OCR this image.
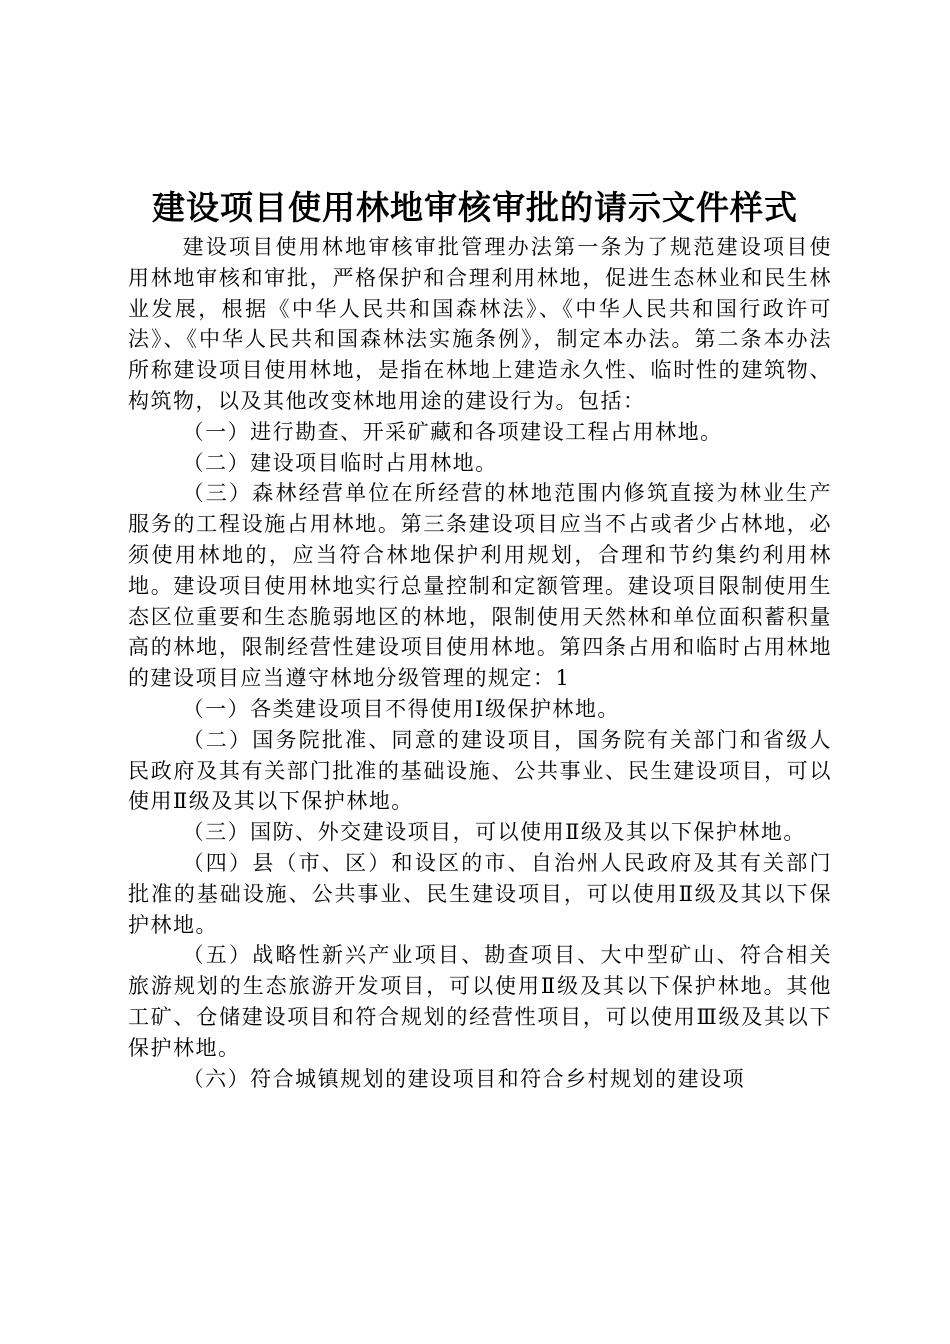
建设项目使用林地审核审批的请示文件样式

建设项目使用林地审核审批管理办法第一条为了规范建设项目使用林地审核和审批，严格保护和合理利用林地，促进生态林业和民生林业发展，根据《中华人民共和国森林法》、《中华人民共和国行政许可法》、《中华人民共和国森林法实施条例》，制定本办法。第二条本办法所称建设项目使用林地，是指在林地上建造永久性、临时性的建筑物、构筑物，以及其他改变林地用途的建设行为。包括：

（一）进行勘查、开采矿藏和各项建设工程占用林地。

（二）建设项目临时占用林地。

（三）森林经营单位在所经营的林地范围内修筑直接为林业生产服务的工程设施占用林地。第三条建设项目应当不占或者少占林地，必须使用林地的，应当符合林地保护利用规划，合理和节约集约利用林地。建设项目使用林地实行总量控制和定额管理。建设项目限制使用生态区位重要和生态脆弱地区的林地，限制使用天然林和单位面积蓄积量高的林地，限制经营性建设项目使用林地。第四条占用和临时占用林地的建设项目应当遵守林地分级管理的规定：1

（一）各类建设项目不得使用Ⅰ级保护林地。

（二）国务院批准、同意的建设项目，国务院有关部门和省级人民政府及其有关部门批准的基础设施、公共事业、民生建设项目，可以使用Ⅱ级及其以下保护林地。

（三）国防、外交建设项目，可以使用Ⅱ级及其以下保护林地。

（四）县（市、区）和设区的市、自治州人民政府及其有关部门批准的基础设施、公共事业、民生建设项目，可以使用Ⅱ级及其以下保护林地。

（五）战略性新兴产业项目、勘查项目、大中型矿山、符合相关旅游规划的生态旅游开发项目，可以使用Ⅱ级及其以下保护林地。其他工矿、仓储建设项目和符合规划的经营性项目，可以使用Ⅲ级及其以下保护林地。

（六）符合城镇规划的建设项目和符合乡村规划的建设项
